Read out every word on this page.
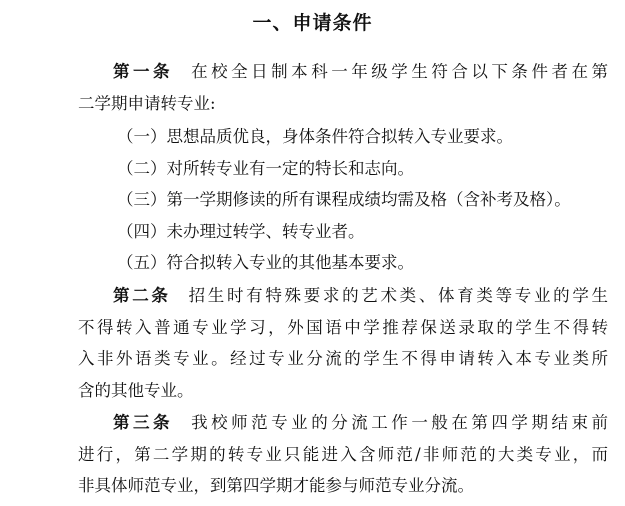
一、申请条件
第一条 在校全日制本科一年级学生符合以下条件者在第
二学期申请转专业:
（一）思想品质优良，身体条件符合拟转入专业要求。
（二）对所转专业有一定的特长和志向。
（三）第一学期修读的所有课程成绩均需及格（含补考及格）。
（四）未办理过转学、转专业者。
（五）符合拟转入专业的其他基本要求。
第二条 招生时有特殊要求的艺术类、体育类等专业的学生
不得转入普通专业学习，外国语中学推荐保送录取的学生不得转
入非外语类专业。经过专业分流的学生不得申请转入本专业类所
含的其他专业。
第三条 我校师范专业的分流工作一般在第四学期结束前
进行，第二学期的转专业只能进入含师范/非师范的大类专业，而
非具体师范专业，到第四学期才能参与师范专业分流。
